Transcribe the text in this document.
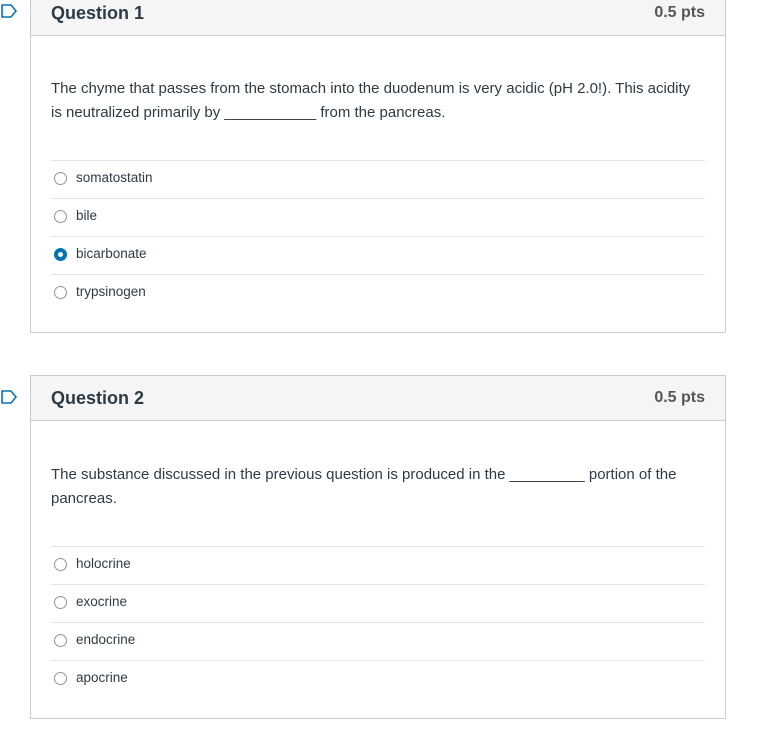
Question 1	0.5 pts
The chyme that passes from the stomach into the duodenum is very acidic (pH 2.0!). This acidity is neutralized primarily by ___________ from the pancreas.
somatostatin
bile
bicarbonate
trypsinogen
Question 2	0.5 pts
The substance discussed in the previous question is produced in the _________ portion of the pancreas.
holocrine
exocrine
endocrine
apocrine
